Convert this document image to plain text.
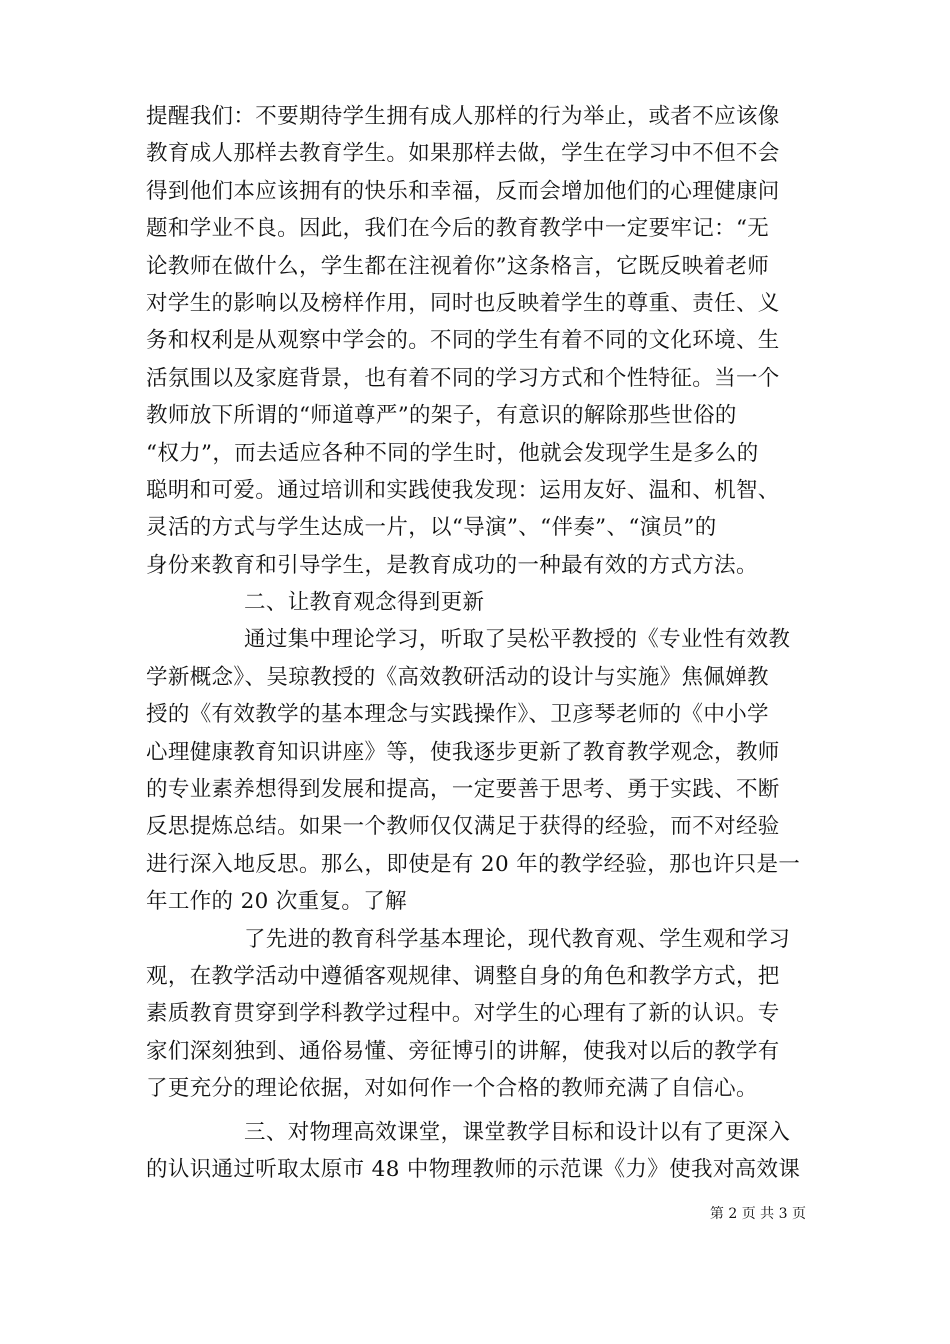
提醒我们：不要期待学生拥有成人那样的行为举止，或者不应该像
教育成人那样去教育学生。如果那样去做，学生在学习中不但不会
得到他们本应该拥有的快乐和幸福，反而会增加他们的心理健康问
题和学业不良。因此，我们在今后的教育教学中一定要牢记：“无
论教师在做什么，学生都在注视着你”这条格言，它既反映着老师
对学生的影响以及榜样作用，同时也反映着学生的尊重、责任、义
务和权利是从观察中学会的。不同的学生有着不同的文化环境、生
活氛围以及家庭背景，也有着不同的学习方式和个性特征。当一个
教师放下所谓的“师道尊严”的架子，有意识的解除那些世俗的
“权力”，而去适应各种不同的学生时，他就会发现学生是多么的
聪明和可爱。通过培训和实践使我发现：运用友好、温和、机智、
灵活的方式与学生达成一片，以“导演”、“伴奏”、“演员”的
身份来教育和引导学生，是教育成功的一种最有效的方式方法。
二、让教育观念得到更新
通过集中理论学习，听取了吴松平教授的《专业性有效教
学新概念》、吴琼教授的《高效教研活动的设计与实施》焦佩婵教
授的《有效教学的基本理念与实践操作》、卫彦琴老师的《中小学
心理健康教育知识讲座》等，使我逐步更新了教育教学观念，教师
的专业素养想得到发展和提高，一定要善于思考、勇于实践、不断
反思提炼总结。如果一个教师仅仅满足于获得的经验，而不对经验
进行深入地反思。那么，即使是有 20 年的教学经验，那也许只是一
年工作的 20 次重复。了解
了先进的教育科学基本理论，现代教育观、学生观和学习
观，在教学活动中遵循客观规律、调整自身的角色和教学方式，把
素质教育贯穿到学科教学过程中。对学生的心理有了新的认识。专
家们深刻独到、通俗易懂、旁征博引的讲解，使我对以后的教学有
了更充分的理论依据，对如何作一个合格的教师充满了自信心。
三、对物理高效课堂，课堂教学目标和设计以有了更深入
的认识通过听取太原市 48 中物理教师的示范课《力》使我对高效课
第 2 页 共 3 页
